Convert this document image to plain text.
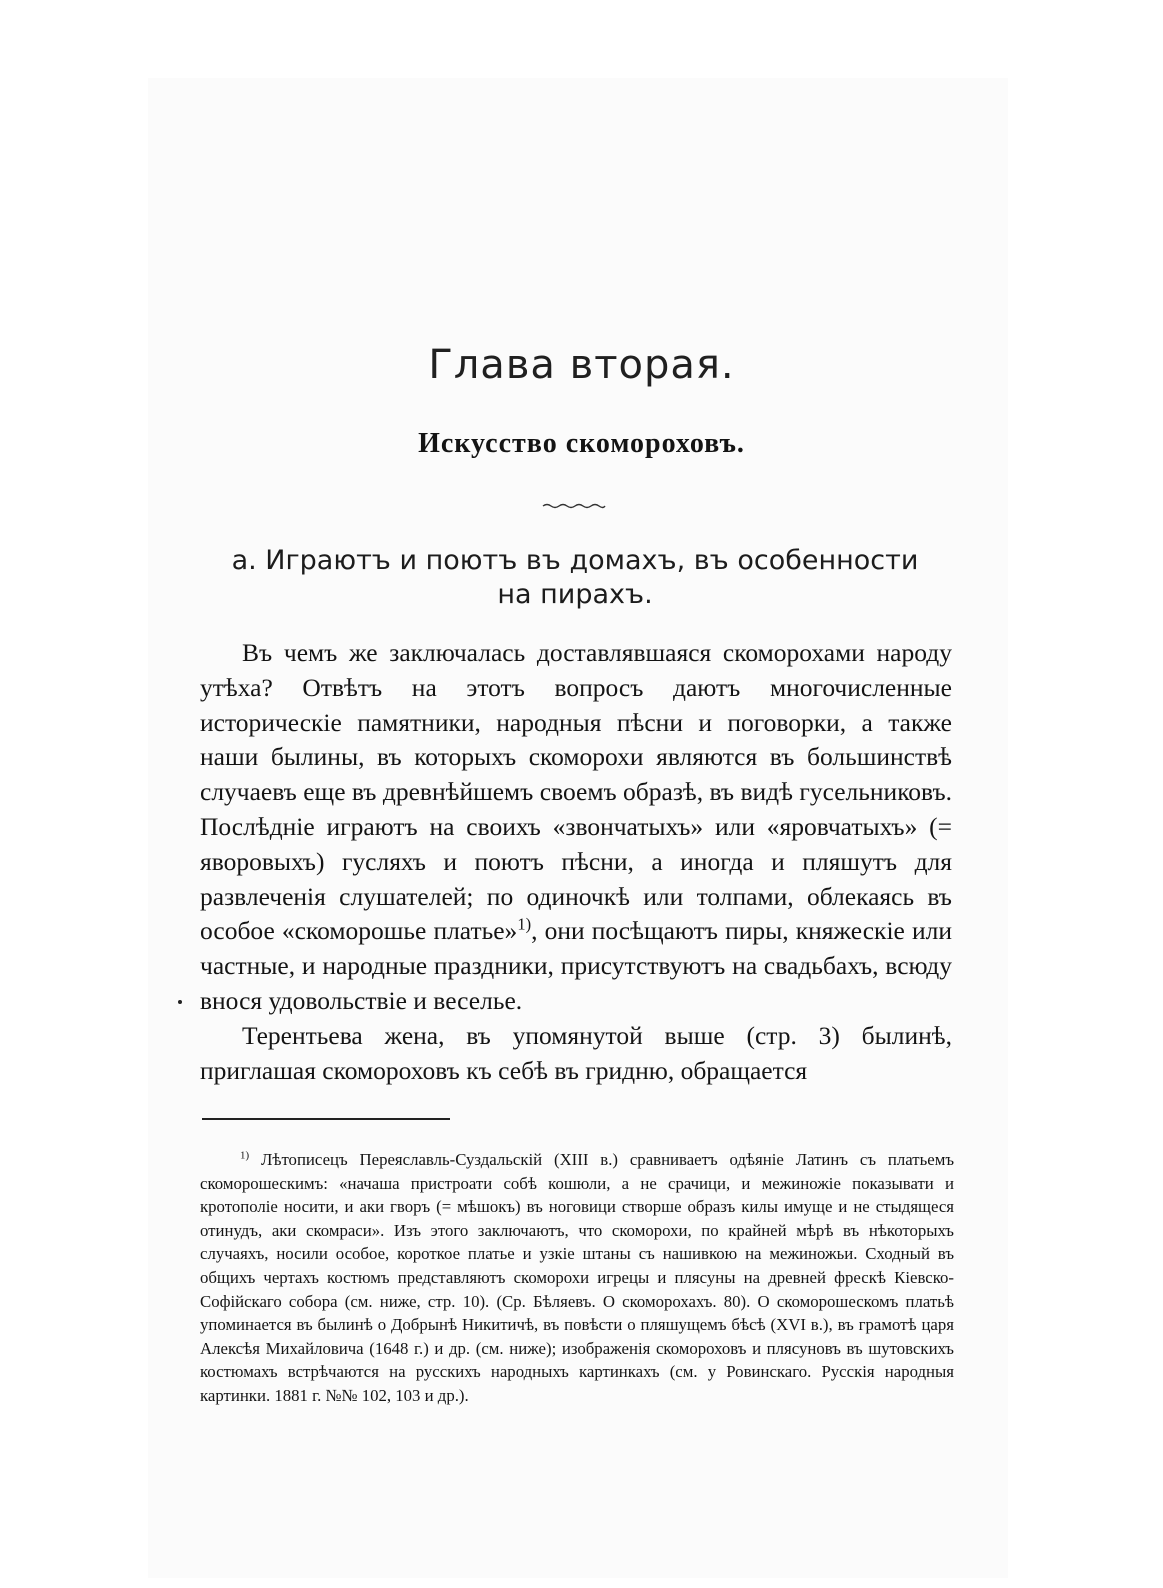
Глава вторая.
Искусство скомороховъ.
а. Играютъ и поютъ въ домахъ, въ особенности
на пирахъ.

Въ чемъ же заключалась доставлявшаяся скоморохами народу утѣха? Отвѣтъ на этотъ вопросъ даютъ многочисленные историческіе памятники, народныя пѣсни и поговорки, а также наши былины, въ которыхъ скоморохи являются въ большинствѣ случаевъ еще въ древнѣйшемъ своемъ образѣ, въ видѣ гусельниковъ. Послѣдніе играютъ на своихъ «звончатыхъ» или «яровчатыхъ» (= яворовыхъ) гусляхъ и поютъ пѣсни, а иногда и пляшутъ для развлеченія слушателей; по одиночкѣ или толпами, облекаясь въ особое «скоморошье платье»$^{1)}$, они посѣщаютъ пиры, княжескіе или частные, и народные праздники, присутствуютъ на свадьбахъ, всюду внося удовольствіе и веселье.

Терентьева жена, въ упомянутой выше (стр. 3) былинѣ, приглашая скомороховъ къ себѣ въ гридню, обращается

$^{1)}$ Лѣтописецъ Переяславль-Суздальскій (XIII в.) сравниваетъ одѣяніе Латинъ съ платьемъ скоморошескимъ: «начаша пристроати собѣ кошюли, а не срачици, и межиножіе показывати и кротополіе носити, и аки гворъ (= мѣшокъ) въ ноговици створше образъ килы имуще и не стыдящеся отинудъ, аки скомраси». Изъ этого заключаютъ, что скоморохи, по крайней мѣрѣ въ нѣкоторыхъ случаяхъ, носили особое, короткое платье и узкіе штаны съ нашивкою на межиножьи. Сходный въ общихъ чертахъ костюмъ представляютъ скоморохи игрецы и плясуны на древней фрескѣ Кіевско-Софійскаго собора (см. ниже, стр. 10). (Ср. Бѣляевъ. О скоморохахъ. 80). О скоморошескомъ платьѣ упоминается въ былинѣ о Добрынѣ Никитичѣ, въ повѣсти о пляшущемъ бѣсѣ (XVI в.), въ грамотѣ царя Алексѣя Михайловича (1648 г.) и др. (см. ниже); изображенія скомороховъ и плясуновъ въ шутовскихъ костюмахъ встрѣчаются на русскихъ народныхъ картинкахъ (см. у Ровинскаго. Русскія народныя картинки. 1881 г. №№ 102, 103 и др.).
